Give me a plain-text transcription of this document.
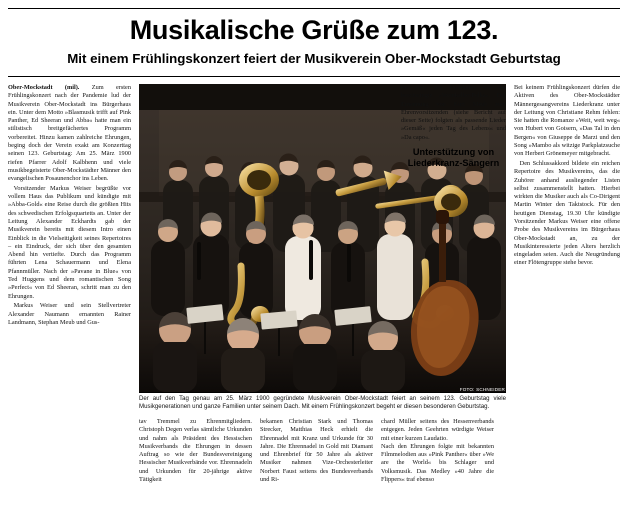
Musikalische Grüße zum 123.
Mit einem Frühlingskonzert feiert der Musikverein Ober-Mockstadt Geburtstag

Ober-Mockstadt (mil). Zum ersten Frühlingskonzert nach der Pandemie lud der Musikverein Ober-Mockstadt ins Bürgerhaus ein. Unter dem Motto »Blasmusik trifft auf Pink Panther, Ed Sheeran und Abba« hatte man ein stilistisch breitgefächertes Programm vorbereitet. Hinzu kamen zahlreiche Ehrungen, beging doch der Verein exakt am Konzerttag seinen 123. Geburtstag: Am 25. März 1900 riefen Pfarrer Adolf Kalbhenn und viele musikbegeisterte Ober-Mockstädter Männer den evangelischen Posaunenchor ins Leben.

Vorsitzender Markus Weiser begrüßte vor vollem Haus das Publikum und kündigte mit »Abba-Gold« eine Reise durch die größten Hits des schwedischen Erfolgsquartetts an. Unter der Leitung Alexander Eckhardts gab der Musikverein bereits mit diesem Intro einen Einblick in die Vielseitigkeit seines Repertoires – ein Eindruck, der sich über den gesamten Abend hin vertiefte. Durch das Programm führten Lena Schauermann und Elena Pfannmüller. Nach der »Pavane in Blue« von Ted Huggens und dem romantischen Song »Perfect« von Ed Sheeran, schritt man zu den Ehrungen.

Markus Weiser und sein Stellvertreter Alexander Naumann ernannten Rainer Landmann, Stephan Meub und Gus-

FOTO: SCHNEIDER
Der auf den Tag genau am 25. März 1900 gegründete Musikverein Ober-Mockstadt feiert an seinem 123. Geburtstag viele Musikgenerationen und ganze Familien unter seinem Dach. Mit einem Frühlingskonzert begeht er diesen besonderen Geburtstag.

tav Tremmel zu Ehrenmitgliedern. Christoph Degen verlas sämtliche Urkunden und nahm als Präsident des Hessischen Musikverbands die Ehrungen in dessen Auftrag so wie der Bundesvereinigung Hessischer Musikverbände vor. Ehrennadeln und Urkunden für 20-jährige aktive Tätigkeit

bekamen Christian Stark und Thomas Strecker, Matthias Heck erhielt die Ehrennadel mit Kranz und Urkunde für 30 Jahre. Die Ehrennadel in Gold mit Diamant und Ehrenbrief für 50 Jahre als aktiver Musiker nahmen Vize-Orchesterleiter Norbert Faust seitens des Bundesverbands und Ri-

chard Müller seitens des Hessenverbands entgegen. Jeden Geehrten würdigte Weiser mit einer kurzen Laudatio.

Nach den Ehrungen folgte mit bekannten Filmmelodien aus »Pink Panther« über »We are the World« bis Schlager und Volksmusik. Das Medley »40 Jahre die Flippers« traf ebenso

ins Herz des Publikums wie die beschwingte »Weinkeller-Polka«. Der Ernennung von Kurt Meub zum Ehrenvorsitzenden (siehe Bericht auf dieser Seite) folgten als passende Lieder »Gemäß« jeden Tag des Lebens« und »Da capo«.

Unterstützung von Liederkranz-Sängern

Bei keinem Frühlingskonzert dürfen die Aktiven des Ober-Mockstädter Männergesangvereins Liederkranz unter der Leitung von Christiane Rehm fehlen: Sie hatten die Romanze »Weit, weit weg« von Hubert von Goisern, »Das Tal in den Bergen« von Giuseppe de Marzi und den Song »Mambo als witzige Parkplatzsuche von Herbert Grönemeyer mitgebracht.

Den Schlussakkord bildete ein reichen Repertoire des Musikvereins, das die Zuhörer anhand ausliegender Listen selbst zusammenstellt hatten. Hierbei wirkten die Musiker auch als Co-Dirigent Martin Winter den Taktstock. Für den heutigen Dienstag, 19.30 Uhr kündigte Vorsitzender Markus Weiser eine offene Probe des Musikvereins im Bürgerhaus Ober-Mockstadt an, zu der Musikinteressierte jeden Alters herzlich eingeladen seien. Auch die Neugründung einer Flötengruppe stehe bevor.
